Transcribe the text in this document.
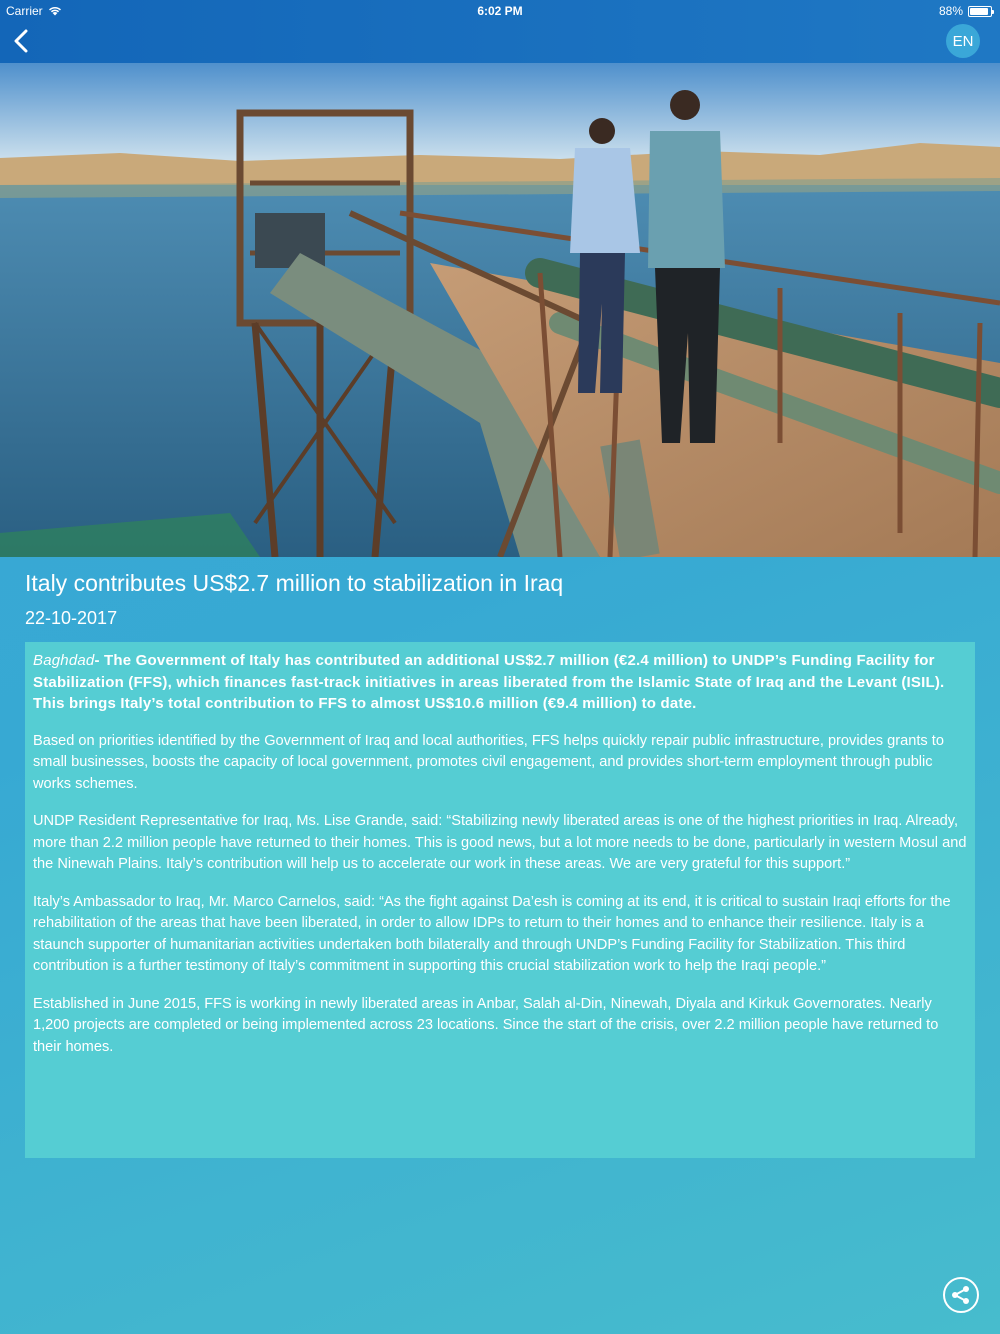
Carrier	6:02 PM	88%
EN
Italy contributes US$2.7 million to stabilization in Iraq
22-10-2017

Baghdad- The Government of Italy has contributed an additional US$2.7 million (€2.4 million) to UNDP’s Funding Facility for Stabilization (FFS), which finances fast-track initiatives in areas liberated from the Islamic State of Iraq and the Levant (ISIL). This brings Italy’s total contribution to FFS to almost US$10.6 million (€9.4 million) to date.

Based on priorities identified by the Government of Iraq and local authorities, FFS helps quickly repair public infrastructure, provides grants to small businesses, boosts the capacity of local government, promotes civil engagement, and provides short-term employment through public works schemes.

UNDP Resident Representative for Iraq, Ms. Lise Grande, said: “Stabilizing newly liberated areas is one of the highest priorities in Iraq. Already, more than 2.2 million people have returned to their homes. This is good news, but a lot more needs to be done, particularly in western Mosul and the Ninewah Plains. Italy’s contribution will help us to accelerate our work in these areas. We are very grateful for this support.”

Italy’s Ambassador to Iraq, Mr. Marco Carnelos, said: “As the fight against Da’esh is coming at its end, it is critical to sustain Iraqi efforts for the rehabilitation of the areas that have been liberated, in order to allow IDPs to return to their homes and to enhance their resilience. Italy is a staunch supporter of humanitarian activities undertaken both bilaterally and through UNDP’s Funding Facility for Stabilization. This third contribution is a further testimony of Italy’s commitment in supporting this crucial stabilization work to help the Iraqi people.”

Established in June 2015, FFS is working in newly liberated areas in Anbar, Salah al-Din, Ninewah, Diyala and Kirkuk Governorates. Nearly 1,200 projects are completed or being implemented across 23 locations. Since the start of the crisis, over 2.2 million people have returned to their homes.
